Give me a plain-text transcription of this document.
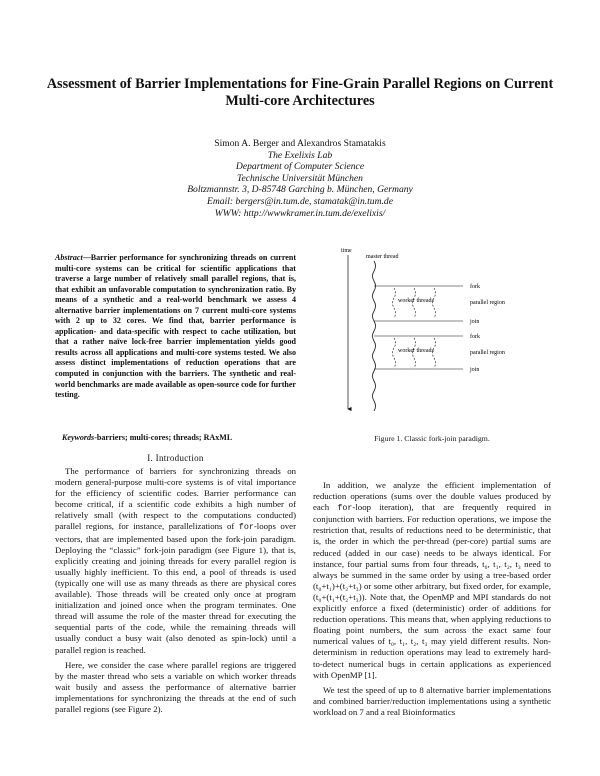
Assessment of Barrier Implementations for Fine-Grain Parallel Regions on Current Multi-core Architectures
Simon A. Berger and Alexandros Stamatakis
The Exelixis Lab
Department of Computer Science
Technische Universität München
Boltzmannstr. 3, D-85748 Garching b. München, Germany
Email: bergers@in.tum.de, stamatak@in.tum.de
WWW: http://wwwkramer.in.tum.de/exelixis/
Abstract—Barrier performance for synchronizing threads on current multi-core systems can be critical for scientific applications that traverse a large number of relatively small parallel regions, that is, that exhibit an unfavorable computation to synchronization ratio. By means of a synthetic and a real-world benchmark we assess 4 alternative barrier implementations on 7 current multi-core systems with 2 up to 32 cores. We find that, barrier performance is application- and data-specific with respect to cache utilization, but that a rather naïve lock-free barrier implementation yields good results across all applications and multi-core systems tested. We also assess distinct implementations of reduction operations that are computed in conjunction with the barriers. The synthetic and real-world benchmarks are made available as open-source code for further testing.
Keywords-barriers; multi-cores; threads; RAxML
I. Introduction

The performance of barriers for synchronizing threads on modern general-purpose multi-core systems is of vital importance for the efficiency of scientific codes. Barrier performance can become critical, if a scientific code exhibits a high number of relatively small (with respect to the computations conducted) parallel regions, for instance, parallelizations of for-loops over vectors, that are implemented based upon the fork-join paradigm. Deploying the “classic” fork-join paradigm (see Figure 1), that is, explicitly creating and joining threads for every parallel region is usually highly inefficient. To this end, a pool of threads is used (typically one will use as many threads as there are physical cores available). Those threads will be created only once at program initialization and joined once when the program terminates. One thread will assume the role of the master thread for executing the sequential parts of the code, while the remaining threads will usually conduct a busy wait (also denoted as spin-lock) until a parallel region is reached.

Here, we consider the case where parallel regions are triggered by the master thread who sets a variable on which worker threads wait busily and assess the performance of alternative barrier implementations for synchronizing the threads at the end of such parallel regions (see Figure 2).

time
master thread
fork
parallel region
join
worker threads
fork
parallel region
join
worker threads
Figure 1. Classic fork-join paradigm.

In addition, we analyze the efficient implementation of reduction operations (sums over the double values produced by each for-loop iteration), that are frequently required in conjunction with barriers. For reduction operations, we impose the restriction that, results of reductions need to be deterministic, that is, the order in which the per-thread (per-core) partial sums are reduced (added in our case) needs to be always identical. For instance, four partial sums from four threads, t₀, t₁, t₂, t₃ need to always be summed in the same order by using a tree-based order (t₀+t₁)+(t₂+t₃) or some other arbitrary, but fixed order, for example, (t₀+(t₁+(t₂+t₃)). Note that, the OpenMP and MPI standards do not explicitly enforce a fixed (deterministic) order of additions for reduction operations. This means that, when applying reductions to floating point numbers, the sum across the exact same four numerical values of t₀, t₁, t₂, t₃ may yield different results. Non-determinism in reduction operations may lead to extremely hard-to-detect numerical bugs in certain applications as experienced with OpenMP [1].

We test the speed of up to 8 alternative barrier implementations and combined barrier/reduction implementations using a synthetic workload on 7 and a real Bioinformatics
